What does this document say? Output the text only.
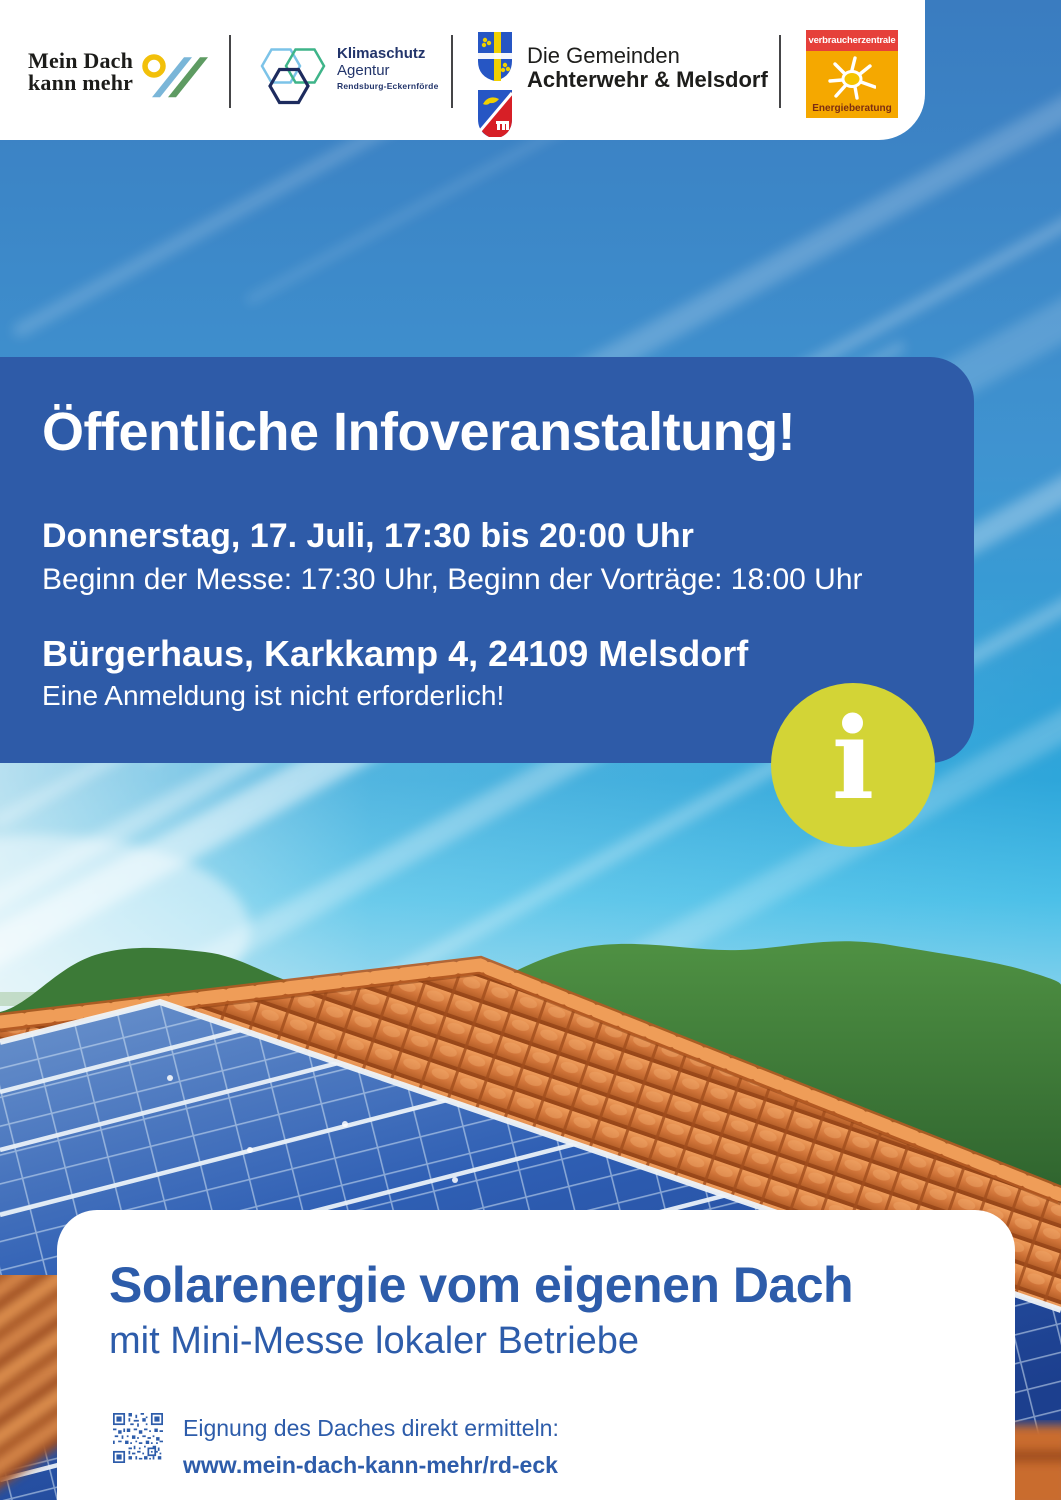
Mein Dach
kann mehr
Klimaschutz
Agentur
Rendsburg-Eckernförde
Die Gemeinden
Achterwehr & Melsdorf
verbraucherzentrale
Energieberatung
Öffentliche Infoveranstaltung!

Donnerstag, 17. Juli, 17:30 bis 20:00 Uhr

Beginn der Messe: 17:30 Uhr, Beginn der Vorträge: 18:00 Uhr

Bürgerhaus, Karkkamp 4, 24109 Melsdorf

Eine Anmeldung ist nicht erforderlich!	i
Solarenergie vom eigenen Dach

mit Mini-Messe lokaler Betriebe

Eignung des Daches direkt ermitteln:

www.mein-dach-kann-mehr/rd-eck
